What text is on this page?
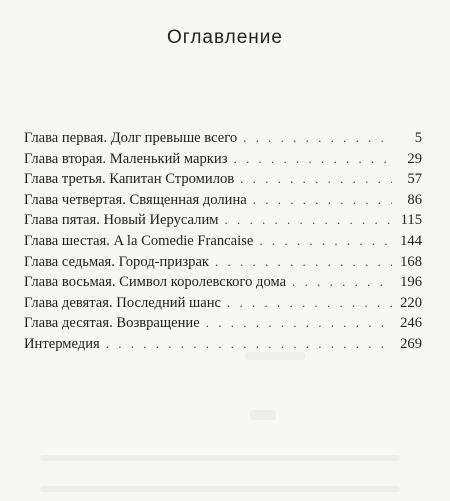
Оглавление
Глава первая. Долг превыше всего . . .	5
Глава вторая. Маленький маркиз . . .	29
Глава третья. Капитан Стромилов . . .	57
Глава четвертая. Священная долина . . .	86
Глава пятая. Новый Иерусалим . . .	115
Глава шестая. A la Comedie Francaise . . .	144
Глава седьмая. Город-призрак . . .	168
Глава восьмая. Символ королевского дома . . .	196
Глава девятая. Последний шанс . . .	220
Глава десятая. Возвращение . . .	246
Интермедия . . .	269
